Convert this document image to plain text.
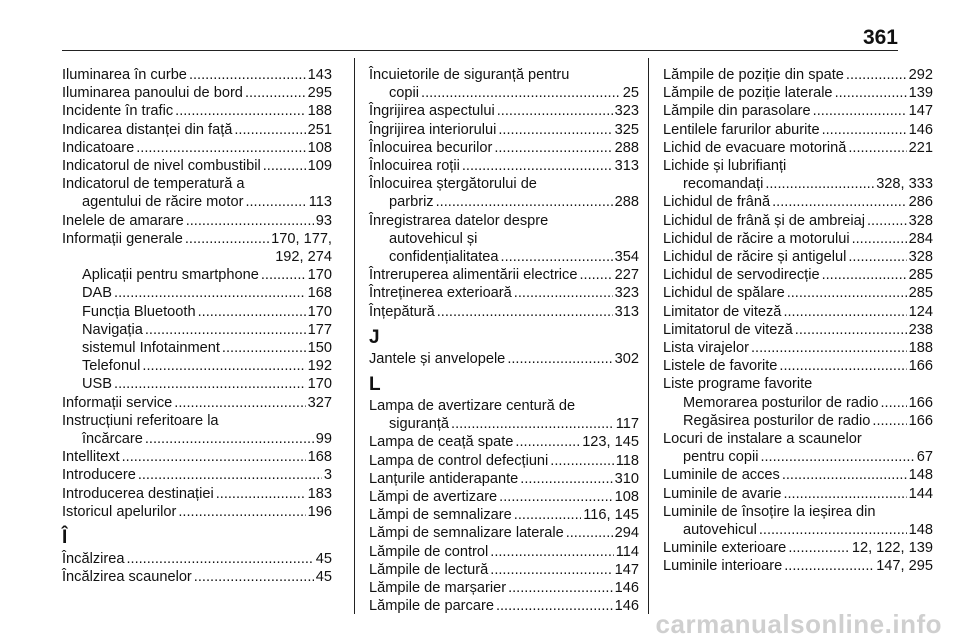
361
Iluminarea în curbe .....	143
Iluminarea panoului de bord .....	295
Incidente în trafic .....	188
Indicarea distanței din față .....	251
Indicatoare .....	108
Indicatorul de nivel combustibil .....	109
Indicatorul de temperatură a
agentului de răcire motor .....	113
Inelele de amarare .....	93
Informații generale .....	170, 177,
192, 274
Aplicații pentru smartphone .....	170
DAB .....	168
Funcția Bluetooth .....	170
Navigația .....	177
sistemul Infotainment .....	150
Telefonul .....	192
USB .....	170
Informații service .....	327
Instrucțiuni referitoare la
încărcare .....	99
Intellitext .....	168
Introducere .....	3
Introducerea destinației .....	183
Istoricul apelurilor .....	196
Î
Încălzirea .....	45
Încălzirea scaunelor .....	45
Încuietorile de siguranță pentru
copii .....	25
Îngrijirea aspectului .....	323
Îngrijirea interiorului .....	325
Înlocuirea becurilor .....	288
Înlocuirea roții .....	313
Înlocuirea ștergătorului de
parbriz .....	288
Înregistrarea datelor despre
autovehicul și
confidențialitatea .....	354
Întreruperea alimentării electrice .....	227
Întreținerea exterioară .....	323
Înțepătură .....	313
J
Jantele și anvelopele .....	302
L
Lampa de avertizare centură de
siguranță .....	117
Lampa de ceață spate .....	123, 145
Lampa de control defecțiuni .....	118
Lanțurile antiderapante .....	310
Lămpi de avertizare .....	108
Lămpi de semnalizare .....	116, 145
Lămpi de semnalizare laterale .....	294
Lămpile de control .....	114
Lămpile de lectură .....	147
Lămpile de marșarier .....	146
Lămpile de parcare .....	146
Lămpile de poziție din spate .....	292
Lămpile de poziție laterale .....	139
Lămpile din parasolare .....	147
Lentilele farurilor aburite .....	146
Lichid de evacuare motorină .....	221
Lichide și lubrifianți
recomandați .....	328, 333
Lichidul de frână .....	286
Lichidul de frână și de ambreiaj .....	328
Lichidul de răcire a motorului .....	284
Lichidul de răcire și antigelul .....	328
Lichidul de servodirecție .....	285
Lichidul de spălare .....	285
Limitator de viteză .....	124
Limitatorul de viteză .....	238
Lista virajelor .....	188
Listele de favorite .....	166
Liste programe favorite
Memorarea posturilor de radio ..... 166
Regăsirea posturilor de radio .....	166
Locuri de instalare a scaunelor
pentru copii .....	67
Luminile de acces .....	148
Luminile de avarie .....	144
Luminile de însoțire la ieșirea din
autovehicul .....	148
Luminile exterioare .....	12, 122, 139
Luminile interioare .....	147, 295
carmanualsonline.info
